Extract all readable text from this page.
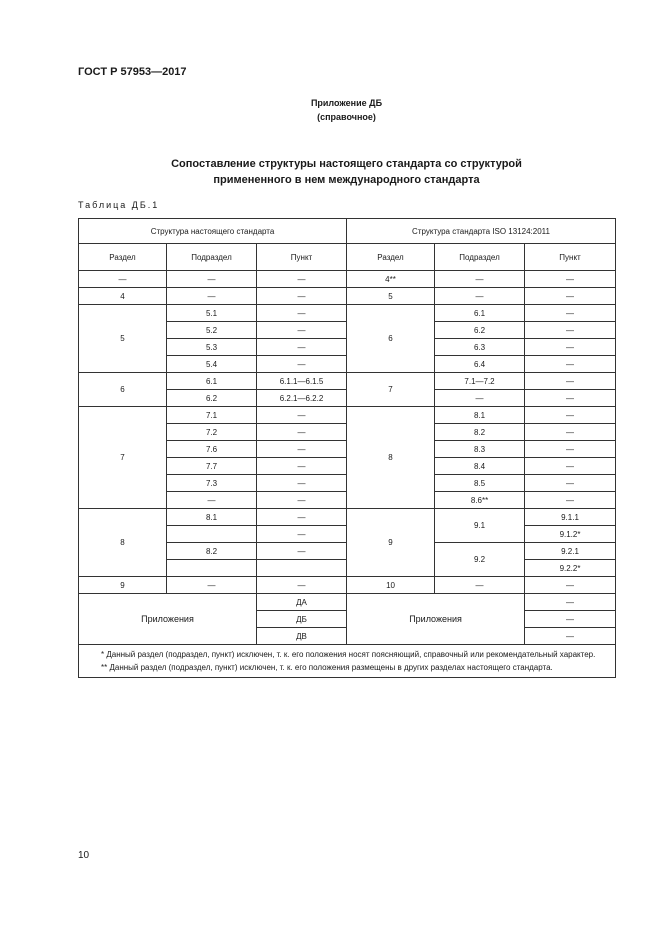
ГОСТ Р 57953—2017
Приложение ДБ
(справочное)
Сопоставление структуры настоящего стандарта со структурой
примененного в нем международного стандарта
Таблица ДБ.1
Структура настоящего стандарта			Структура стандарта ISO 13124:2011		
Раздел	Подраздел	Пункт	Раздел	Подраздел	Пункт
—	—	—	4**	—	—
4	—	—	5	—	—
5	5.1	—	6	6.1	—
	5.2	—		6.2	—
	5.3	—		6.3	—
	5.4	—		6.4	—
6	6.1	6.1.1—6.1.5	7	7.1—7.2	—
	6.2	6.2.1—6.2.2		—	—
7	7.1	—	8	8.1	—
	7.2	—		8.2	—
	7.6	—		8.3	—
	7.7	—		8.4	—
	7.3	—		8.5	—
	—	—		8.6**	—
8	8.1	—	9	9.1	9.1.1
		—			9.1.2*
	8.2	—		9.2	9.2.1
					9.2.2*
9	—	—	10	—	—
Приложения		ДА	Приложения		—
		ДБ			—
		ДВ			—

* Данный раздел (подраздел, пункт) исключен, т. к. его положения носят поясняющий, справочный или рекомендательный характер.

** Данный раздел (подраздел, пункт) исключен, т. к. его положения размещены в других разделах настоящего стандарта.					

10
